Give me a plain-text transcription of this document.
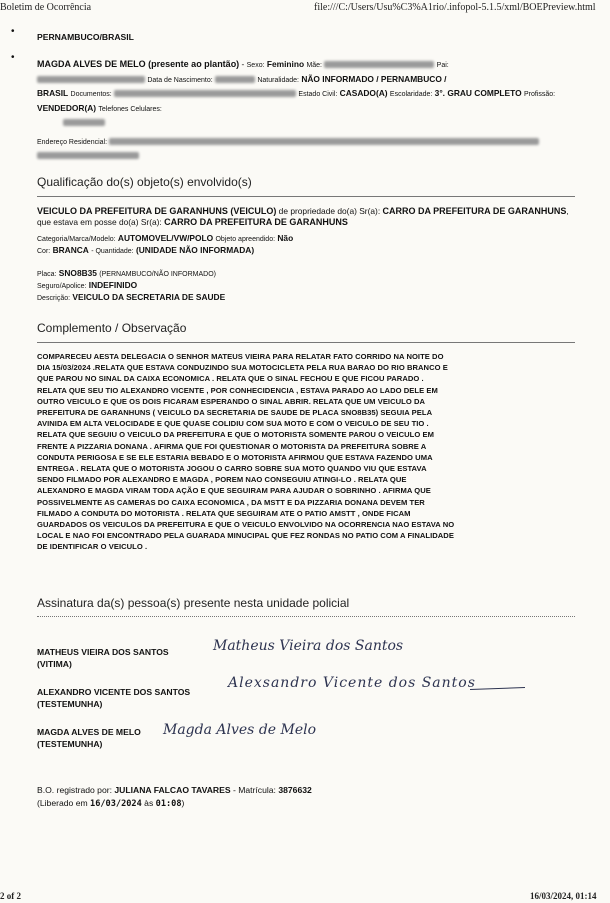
Boletim de Ocorrência	file:///C:/Users/Usu%C3%A1rio/.infopol-5.1.5/xml/BOEPreview.html
•
•
PERNAMBUCO/BRASIL
MAGDA ALVES DE MELO (presente ao plantão) - Sexo: Feminino Mãe:	Pai:
Data de Nascimento:	Naturalidade: NÃO INFORMADO / PERNAMBUCO /
BRASIL Documentos:	Estado Civil: CASADO(A) Escolaridade: 3°. GRAU COMPLETO Profissão: VENDEDOR(A) Telefones Celulares:

Endereço Residencial:

Qualificação do(s) objeto(s) envolvido(s)
VEICULO DA PREFEITURA DE GARANHUNS (VEICULO) de propriedade do(a) Sr(a): CARRO DA PREFEITURA DE GARANHUNS, que estava em posse do(a) Sr(a): CARRO DA PREFEITURA DE GARANHUNS
Categoria/Marca/Modelo: AUTOMOVEL/VW/POLO Objeto apreendido: Não
Cor: BRANCA - Quantidade: (UNIDADE NÃO INFORMADA)
Placa: SNO8B35 (PERNAMBUCO/NÃO INFORMADO)
Seguro/Apolice: INDEFINIDO
Descrição: VEICULO DA SECRETARIA DE SAUDE
Complemento / Observação
COMPARECEU AESTA DELEGACIA O SENHOR MATEUS VIEIRA PARA RELATAR FATO CORRIDO NA NOITE DO
DIA 15/03/2024 .RELATA QUE ESTAVA CONDUZINDO SUA MOTOCICLETA PELA RUA BARAO DO RIO BRANCO E
QUE PAROU NO SINAL DA CAIXA ECONOMICA . RELATA QUE O SINAL FECHOU E QUE FICOU PARADO .
RELATA QUE SEU TIO ALEXANDRO VICENTE , POR CONHECIDENCIA , ESTAVA PARADO AO LADO DELE EM
OUTRO VEICULO E QUE OS DOIS FICARAM ESPERANDO O SINAL ABRIR. RELATA QUE UM VEICULO DA
PREFEITURA DE GARANHUNS ( VEICULO DA SECRETARIA DE SAUDE DE PLACA SNO8B35) SEGUIA PELA
AVINIDA EM ALTA VELOCIDADE E QUE QUASE COLIDIU COM SUA MOTO E COM O VEICULO DE SEU TIO .
RELATA QUE SEGUIU O VEICULO DA PREFEITURA E QUE O MOTORISTA SOMENTE PAROU O VEICULO EM
FRENTE A PIZZARIA DONANA . AFIRMA QUE FOI QUESTIONAR O MOTORISTA DA PREFEITURA SOBRE A
CONDUTA PERIGOSA E SE ELE ESTARIA BEBADO E O MOTORISTA AFIRMOU QUE ESTAVA FAZENDO UMA
ENTREGA . RELATA QUE O MOTORISTA JOGOU O CARRO SOBRE SUA MOTO QUANDO VIU QUE ESTAVA
SENDO FILMADO POR ALEXANDRO E MAGDA , POREM NAO CONSEGUIU ATINGI-LO . RELATA QUE
ALEXANDRO E MAGDA VIRAM TODA AÇÃO E QUE SEGUIRAM PARA AJUDAR O SOBRINHO . AFIRMA QUE
POSSIVELMENTE AS CAMERAS DO CAIXA ECONOMICA , DA MSTT E DA PIZZARIA DONANA DEVEM TER
FILMADO A CONDUTA DO MOTORISTA . RELATA QUE SEGUIRAM ATE O PATIO AMSTT , ONDE FICAM
GUARDADOS OS VEICULOS DA PREFEITURA E QUE O VEICULO ENVOLVIDO NA OCORRENCIA NAO ESTAVA NO
LOCAL E NAO FOI ENCONTRADO PELA GUARADA MINUCIPAL QUE FEZ RONDAS NO PATIO COM A FINALIDADE
DE IDENTIFICAR O VEICULO .
Assinatura da(s) pessoa(s) presente nesta unidade policial
MATHEUS VIEIRA DOS SANTOS
(VITIMA)
Matheus Vieira dos Santos
ALEXANDRO VICENTE DOS SANTOS
(TESTEMUNHA)
Alexsandro Vicente dos Santos
MAGDA ALVES DE MELO
(TESTEMUNHA)
Magda Alves de Melo
B.O. registrado por: JULIANA FALCAO TAVARES - Matrícula: 3876632
(Liberado em 16/03/2024 às 01:08)
2 of 2	16/03/2024, 01:14
